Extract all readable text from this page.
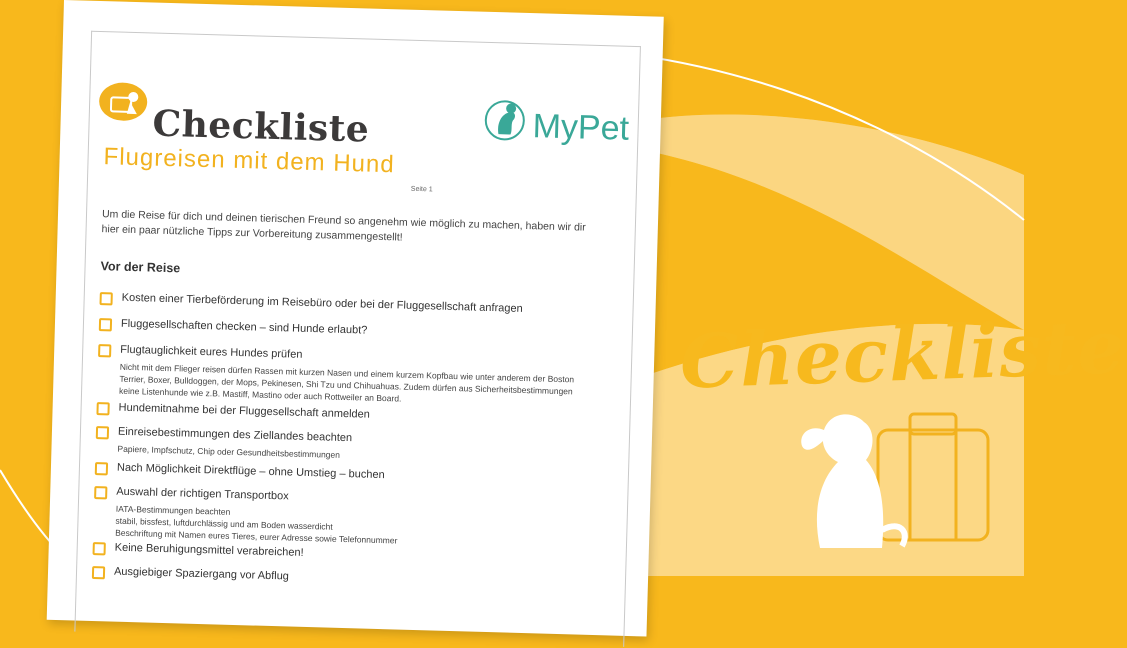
Checkliste
Flugreisen mit dem Hund
Seite 1
MyPet
Um die Reise für dich und deinen tierischen Freund so angenehm wie möglich zu machen, haben wir dir hier ein paar nützliche Tipps zur Vorbereitung zusammengestellt!
Vor der Reise
Kosten einer Tierbeförderung im Reisebüro oder bei der Fluggesellschaft anfragen
Fluggesellschaften checken – sind Hunde erlaubt?
Flugtauglichkeit eures Hundes prüfen
Nicht mit dem Flieger reisen dürfen Rassen mit kurzen Nasen und einem kurzem Kopfbau wie unter anderem der Boston Terrier, Boxer, Bulldoggen, der Mops, Pekinesen, Shi Tzu und Chihuahuas. Zudem dürfen aus Sicherheitsbestimmungen keine Listenhunde wie z.B. Mastiff, Mastino oder auch Rottweiler an Board.
Hundemitnahme bei der Fluggesellschaft anmelden
Einreisebestimmungen des Ziellandes beachten
Papiere, Impfschutz, Chip oder Gesundheitsbestimmungen
Nach Möglichkeit Direktflüge – ohne Umstieg – buchen
Auswahl der richtigen Transportbox
IATA-Bestimmungen beachten
stabil, bissfest, luftdurchlässig und am Boden wasserdicht
Beschriftung mit Namen eures Tieres, eurer Adresse sowie Telefonnummer
Keine Beruhigungsmittel verabreichen!
Ausgiebiger Spaziergang vor Abflug
Checkliste
